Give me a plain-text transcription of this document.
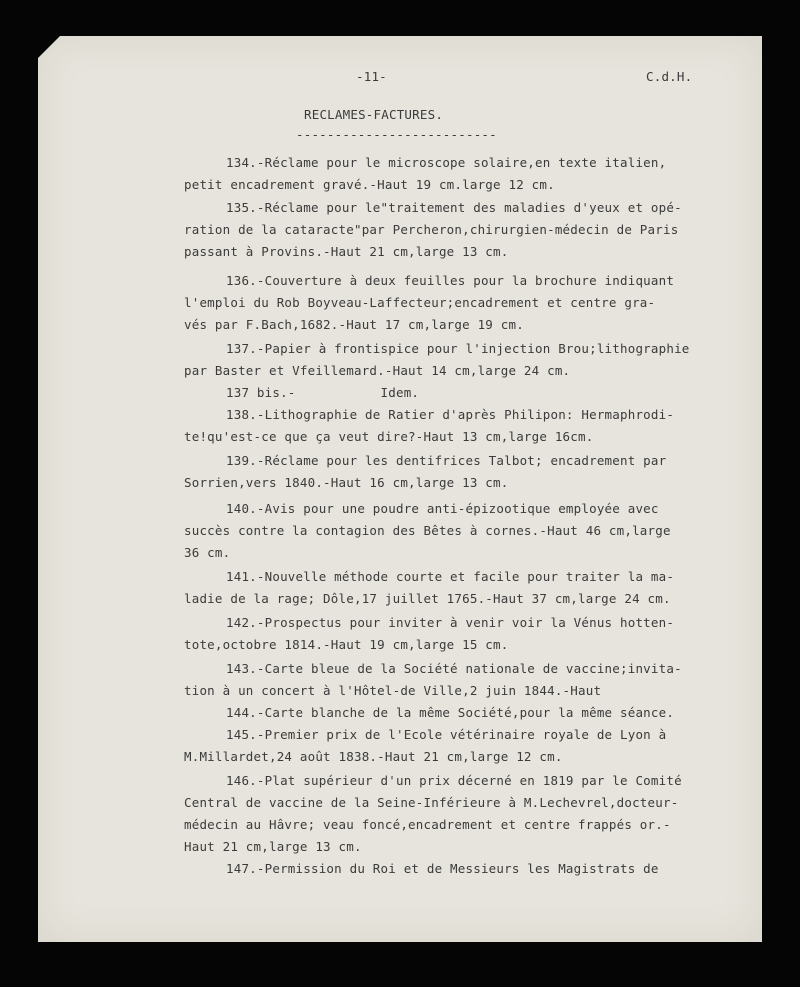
-11-	C.d.H.
RECLAMES-FACTURES.
--------------------------
134.-Réclame pour le microscope solaire,en texte italien,
petit encadrement gravé.-Haut 19 cm.large 12 cm.
135.-Réclame pour le"traitement des maladies d'yeux et opé-
ration de la cataracte"par Percheron,chirurgien-médecin de Paris
passant à Provins.-Haut 21 cm,large 13 cm.
136.-Couverture à deux feuilles pour la brochure indiquant
l'emploi du Rob Boyveau-Laffecteur;encadrement et centre gra-
vés par F.Bach,1682.-Haut 17 cm,large 19 cm.
137.-Papier à frontispice pour l'injection Brou;lithographie
par Baster et Vfeillemard.-Haut 14 cm,large 24 cm.
137 bis.-           Idem.
138.-Lithographie de Ratier d'après Philipon: Hermaphrodi-
te!qu'est-ce que ça veut dire?-Haut 13 cm,large 16cm.
139.-Réclame pour les dentifrices Talbot; encadrement par
Sorrien,vers 1840.-Haut 16 cm,large 13 cm.
140.-Avis pour une poudre anti-épizootique employée avec
succès contre la contagion des Bêtes à cornes.-Haut 46 cm,large
36 cm.
141.-Nouvelle méthode courte et facile pour traiter la ma-
ladie de la rage; Dôle,17 juillet 1765.-Haut 37 cm,large 24 cm.
142.-Prospectus pour inviter à venir voir la Vénus hotten-
tote,octobre 1814.-Haut 19 cm,large 15 cm.
143.-Carte bleue de la Société nationale de vaccine;invita-
tion à un concert à l'Hôtel-de Ville,2 juin 1844.-Haut
144.-Carte blanche de la même Société,pour la même séance.
145.-Premier prix de l'Ecole vétérinaire royale de Lyon à
M.Millardet,24 août 1838.-Haut 21 cm,large 12 cm.
146.-Plat supérieur d'un prix décerné en 1819 par le Comité
Central de vaccine de la Seine-Inférieure à M.Lechevrel,docteur-
médecin au Hâvre; veau foncé,encadrement et centre frappés or.-
Haut 21 cm,large 13 cm.
147.-Permission du Roi et de Messieurs les Magistrats de
